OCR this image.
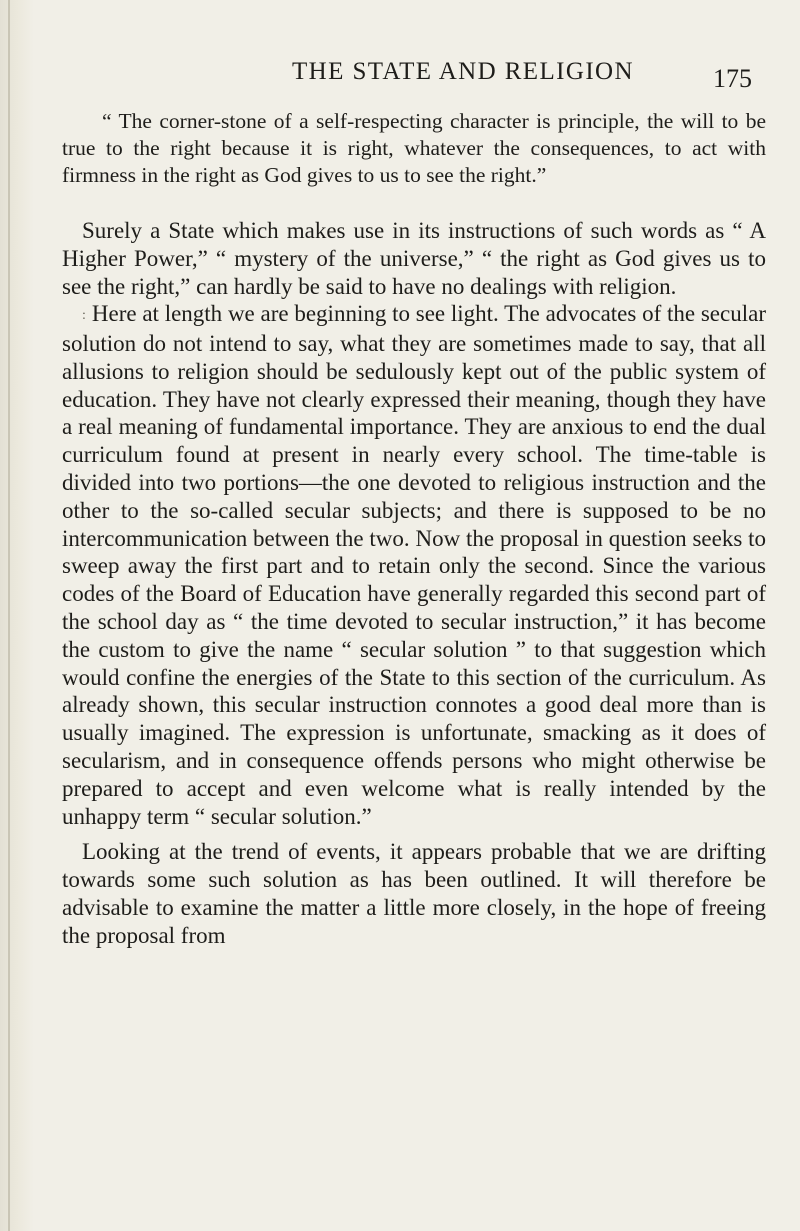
THE STATE AND RELIGION	175

“ The corner-stone of a self-respecting character is principle, the will to be true to the right because it is right, whatever the consequences, to act with firmness in the right as God gives to us to see the right.”

Surely a State which makes use in its instructions of such words as “ A Higher Power,” “ mystery of the universe,” “ the right as God gives us to see the right,” can hardly be said to have no dealings with religion.

: Here at length we are beginning to see light. The advocates of the secular solution do not intend to say, what they are sometimes made to say, that all allusions to religion should be sedulously kept out of the public system of education. They have not clearly expressed their meaning, though they have a real meaning of fundamental importance. They are anxious to end the dual curriculum found at present in nearly every school. The time-table is divided into two portions—the one devoted to religious instruction and the other to the so-called secular subjects; and there is supposed to be no intercommunication between the two. Now the proposal in question seeks to sweep away the first part and to retain only the second. Since the various codes of the Board of Education have generally regarded this second part of the school day as “ the time devoted to secular instruction,” it has become the custom to give the name “ secular solution ” to that suggestion which would confine the energies of the State to this section of the curriculum. As already shown, this secular instruction connotes a good deal more than is usually imagined. The expression is unfortunate, smacking as it does of secularism, and in consequence offends persons who might otherwise be prepared to accept and even welcome what is really intended by the unhappy term “ secular solution.”

Looking at the trend of events, it appears probable that we are drifting towards some such solution as has been outlined. It will therefore be advisable to examine the matter a little more closely, in the hope of freeing the proposal from
